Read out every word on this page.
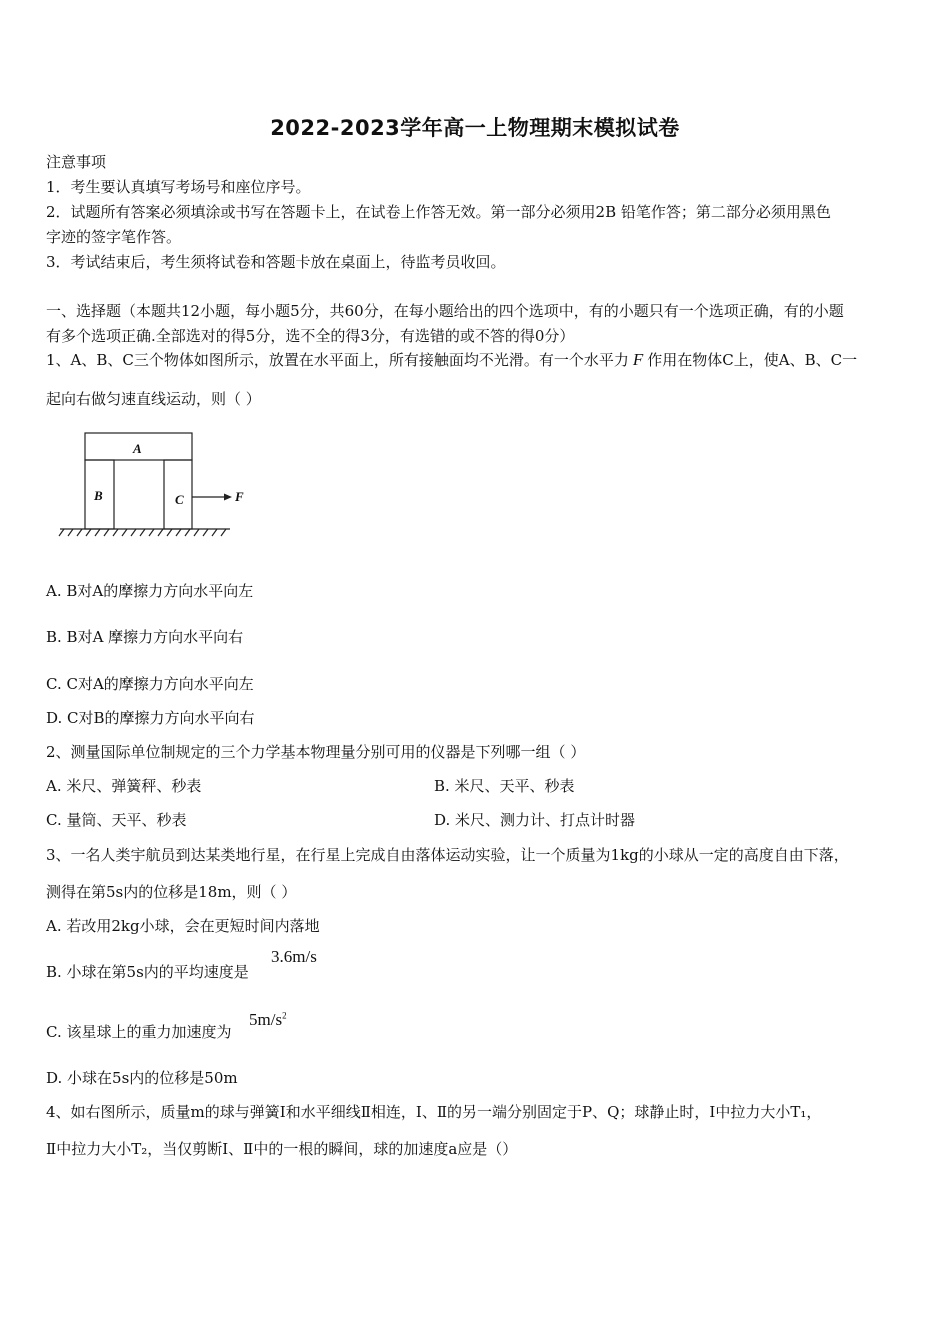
2022-2023学年高一上物理期末模拟试卷
注意事项
1．考生要认真填写考场号和座位序号。
2．试题所有答案必须填涂或书写在答题卡上，在试卷上作答无效。第一部分必须用2B 铅笔作答；第二部分必须用黑色
字迹的签字笔作答。
3．考试结束后，考生须将试卷和答题卡放在桌面上，待监考员收回。
一、选择题（本题共12小题，每小题5分，共60分，在每小题给出的四个选项中，有的小题只有一个选项正确，有的小题
有多个选项正确.全部选对的得5分，选不全的得3分，有选错的或不答的得0分）
1、A、B、C三个物体如图所示，放置在水平面上，所有接触面均不光滑。有一个水平力 F 作用在物体C上，使A、B、C一
起向右做匀速直线运动，则（ ）
A
B	C	F
A. B对A的摩擦力方向水平向左
B. B对A 摩擦力方向水平向右
C. C对A的摩擦力方向水平向左
D. C对B的摩擦力方向水平向右
2、测量国际单位制规定的三个力学基本物理量分别可用的仪器是下列哪一组（ ）
A. 米尺、弹簧秤、秒表	B. 米尺、天平、秒表
C. 量筒、天平、秒表	D. 米尺、测力计、打点计时器
3、一名人类宇航员到达某类地行星，在行星上完成自由落体运动实验，让一个质量为1kg的小球从一定的高度自由下落，
测得在第5s内的位移是18m，则（ ）
A. 若改用2kg小球，会在更短时间内落地
B. 小球在第5s内的平均速度是
3.6m/s
C. 该星球上的重力加速度为
$5m/s^2$
D. 小球在5s内的位移是50m
4、如右图所示，质量m的球与弹簧Ⅰ和水平细线Ⅱ相连，Ⅰ、Ⅱ的另一端分别固定于P、Q；球静止时，Ⅰ中拉力大小T₁，
Ⅱ中拉力大小T₂，当仅剪断Ⅰ、Ⅱ中的一根的瞬间，球的加速度a应是（）
